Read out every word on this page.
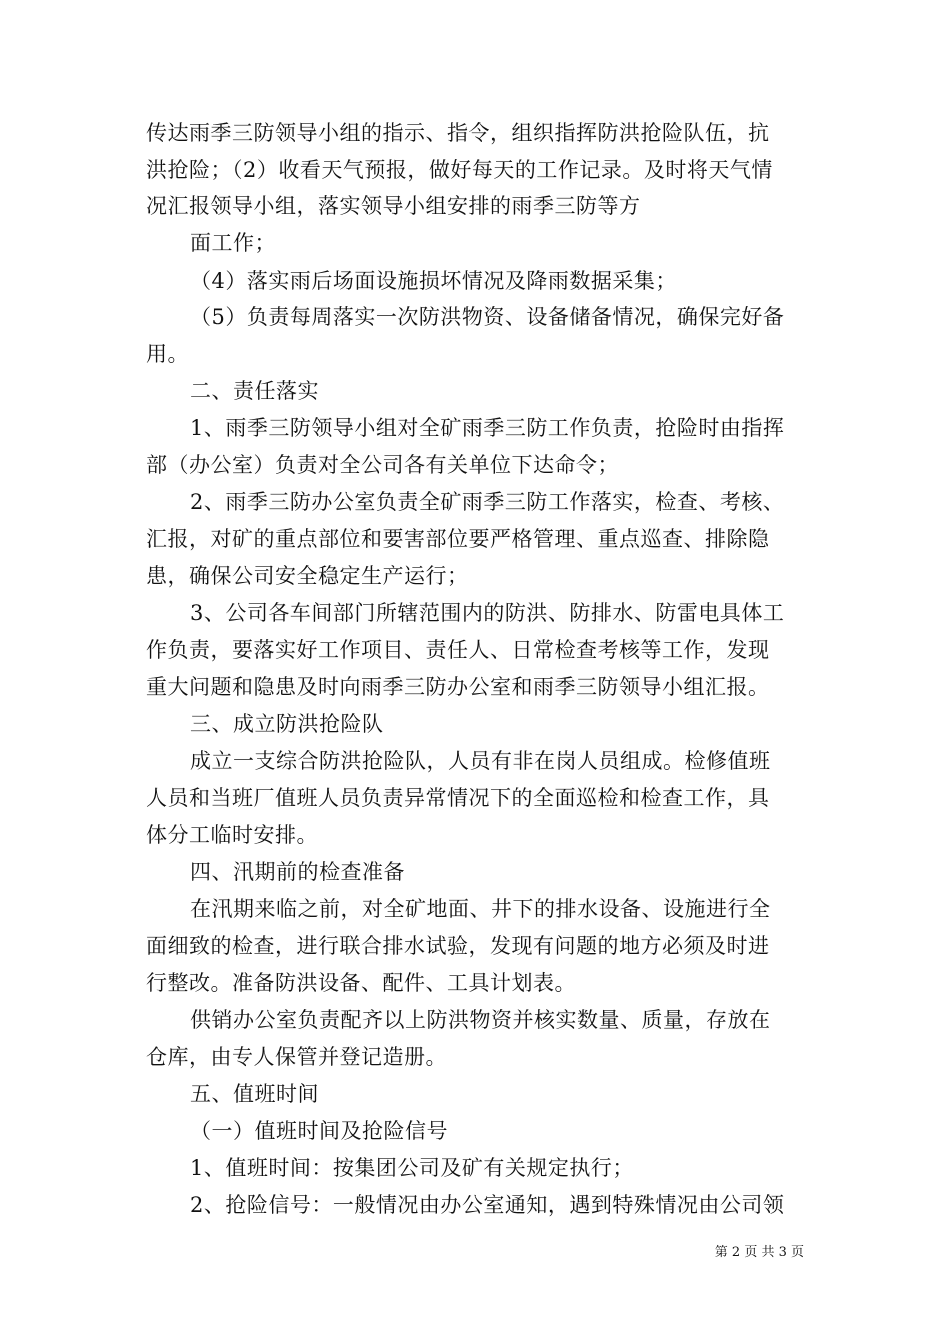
传达雨季三防领导小组的指示、指令，组织指挥防洪抢险队伍，抗
洪抢险；（2）收看天气预报，做好每天的工作记录。及时将天气情
况汇报领导小组，落实领导小组安排的雨季三防等方
面工作；
（4）落实雨后场面设施损坏情况及降雨数据采集；
（5）负责每周落实一次防洪物资、设备储备情况，确保完好备
用。
二、责任落实
1、雨季三防领导小组对全矿雨季三防工作负责，抢险时由指挥
部（办公室）负责对全公司各有关单位下达命令；
2、雨季三防办公室负责全矿雨季三防工作落实，检查、考核、
汇报，对矿的重点部位和要害部位要严格管理、重点巡查、排除隐
患，确保公司安全稳定生产运行；
3、公司各车间部门所辖范围内的防洪、防排水、防雷电具体工
作负责，要落实好工作项目、责任人、日常检查考核等工作，发现
重大问题和隐患及时向雨季三防办公室和雨季三防领导小组汇报。
三、成立防洪抢险队
成立一支综合防洪抢险队，人员有非在岗人员组成。检修值班
人员和当班厂值班人员负责异常情况下的全面巡检和检查工作，具
体分工临时安排。
四、汛期前的检查准备
在汛期来临之前，对全矿地面、井下的排水设备、设施进行全
面细致的检查，进行联合排水试验，发现有问题的地方必须及时进
行整改。准备防洪设备、配件、工具计划表。
供销办公室负责配齐以上防洪物资并核实数量、质量，存放在
仓库，由专人保管并登记造册。
五、值班时间
（一）值班时间及抢险信号
1、值班时间：按集团公司及矿有关规定执行；
2、抢险信号：一般情况由办公室通知，遇到特殊情况由公司领
第 2 页 共 3 页
